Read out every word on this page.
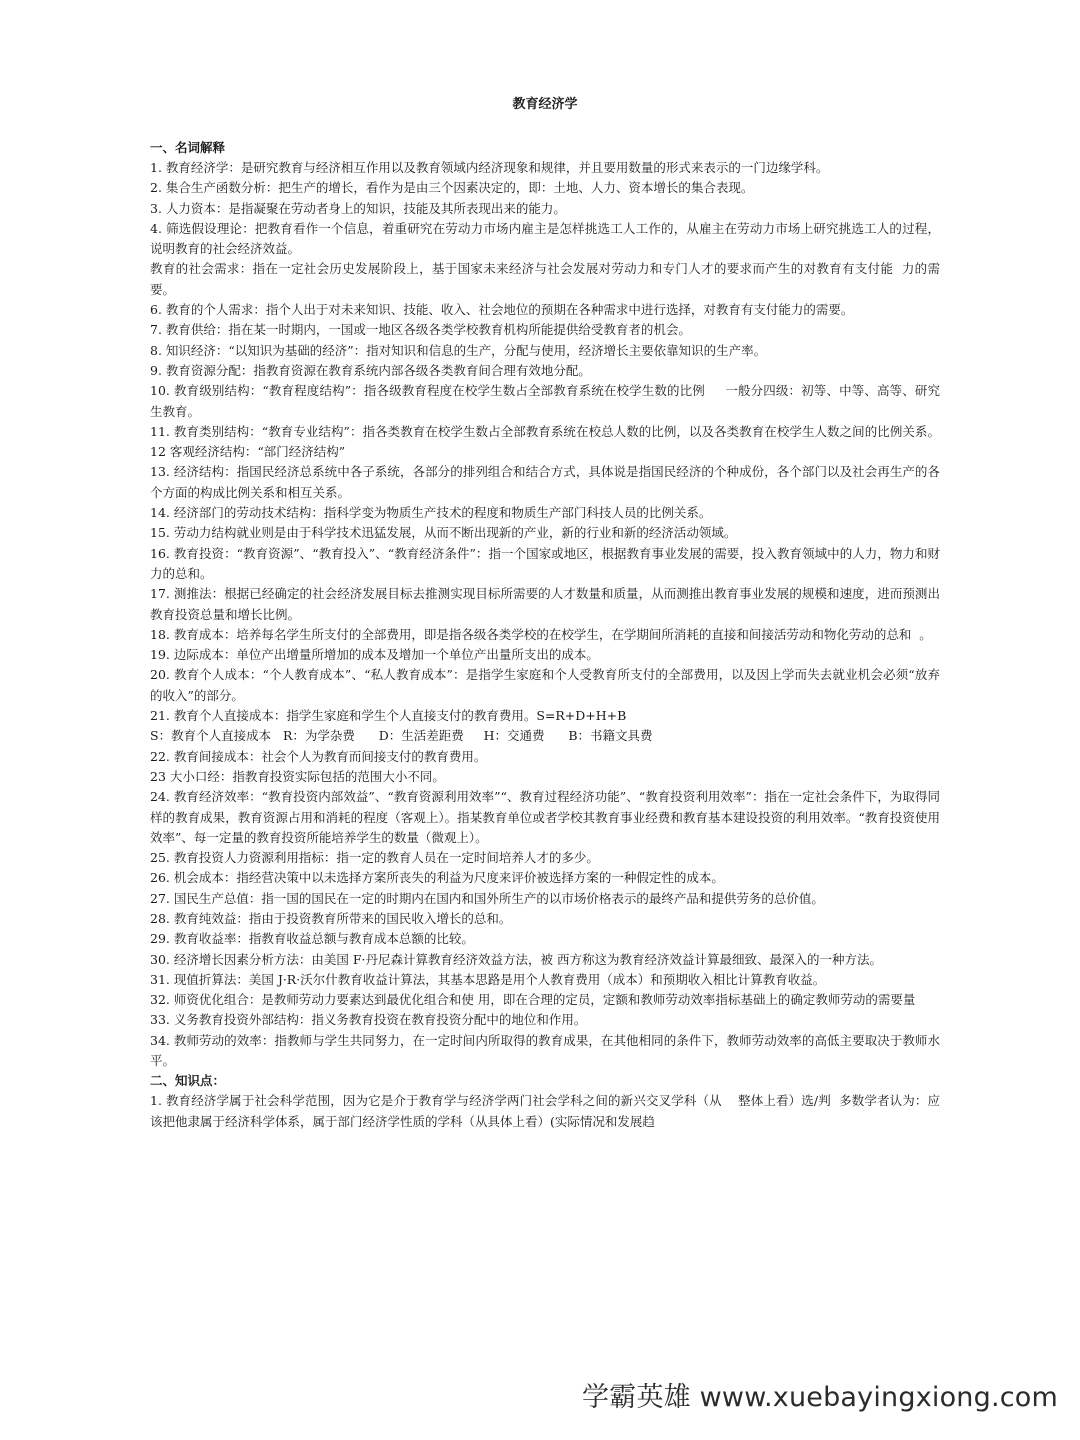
教育经济学
一、名词解释

1. 教育经济学：是研究教育与经济相互作用以及教育领域内经济现象和规律，并且要用数量的形式来表示的一门边缘学科。

2. 集合生产函数分析：把生产的增长，看作为是由三个因素决定的，即：土地、人力、资本增长的集合表现。

3. 人力资本：是指凝聚在劳动者身上的知识，技能及其所表现出来的能力。

4. 筛选假设理论：把教育看作一个信息，着重研究在劳动力市场内雇主是怎样挑选工人工作的，从雇主在劳动力市场上研究挑选工人的过程，说明教育的社会经济效益。

教育的社会需求：指在一定社会历史发展阶段上，基于国家未来经济与社会发展对劳动力和专门人才的要求而产生的对教育有支付能  力的需要。

6. 教育的个人需求：指个人出于对未来知识、技能、收入、社会地位的预期在各种需求中进行选择，对教育有支付能力的需要。

7. 教育供给：指在某一时期内，一国或一地区各级各类学校教育机构所能提供给受教育者的机会。

8. 知识经济：“以知识为基础的经济”：指对知识和信息的生产，分配与使用，经济增长主要依靠知识的生产率。

9. 教育资源分配：指教育资源在教育系统内部各级各类教育间合理有效地分配。

10. 教育级别结构：“教育程度结构”：指各级教育程度在校学生数占全部教育系统在校学生数的比例     一般分四级：初等、中等、高等、研究生教育。

11. 教育类别结构：“教育专业结构”：指各类教育在校学生数占全部教育系统在校总人数的比例，以及各类教育在校学生人数之间的比例关系。                                  12 客观经济结构：“部门经济结构”

13. 经济结构：指国民经济总系统中各子系统，各部分的排列组合和结合方式，具体说是指国民经济的个种成份，各个部门以及社会再生产的各个方面的构成比例关系和相互关系。

14. 经济部门的劳动技术结构：指科学变为物质生产技术的程度和物质生产部门科技人员的比例关系。

15. 劳动力结构就业则是由于科学技术迅猛发展，从而不断出现新的产业，新的行业和新的经济活动领域。

16. 教育投资：“教育资源”、“教育投入”、“教育经济条件”：指一个国家或地区，根据教育事业发展的需要，投入教育领域中的人力，物力和财力的总和。

17. 测推法：根据已经确定的社会经济发展目标去推测实现目标所需要的人才数量和质量，从而测推出教育事业发展的规模和速度，进而预测出教育投资总量和增长比例。

18. 教育成本：培养每名学生所支付的全部费用，即是指各级各类学校的在校学生，在学期间所消耗的直接和间接活劳动和物化劳动的总和  。

19. 边际成本：单位产出增量所增加的成本及增加一个单位产出量所支出的成本。

20. 教育个人成本：“个人教育成本”、“私人教育成本”：是指学生家庭和个人受教育所支付的全部费用，以及因上学而失去就业机会必须“放弃的收入”的部分。

21. 教育个人直接成本：指学生家庭和学生个人直接支付的教育费用。S=R+D+H+B

S：教育个人直接成本   R：为学杂费      D：生活差距费     H：交通费      B：书籍文具费

22. 教育间接成本：社会个人为教育而间接支付的教育费用。

23 大小口经：指教育投资实际包括的范围大小不同。

24. 教育经济效率：“教育投资内部效益”、“教育资源利用效率”“、教育过程经济功能”、“教育投资利用效率”：指在一定社会条件下，为取得同样的教育成果，教育资源占用和消耗的程度（客观上）。指某教育单位或者学校其教育事业经费和教育基本建设投资的利用效率。“教育投资使用效率”、每一定量的教育投资所能培养学生的数量（微观上）。

25. 教育投资人力资源利用指标：指一定的教育人员在一定时间培养人才的多少。

26. 机会成本：指经营决策中以未选择方案所丧失的利益为尺度来评价被选择方案的一种假定性的成本。

27. 国民生产总值：指一国的国民在一定的时期内在国内和国外所生产的以市场价格表示的最终产品和提供劳务的总价值。

28. 教育纯效益：指由于投资教育所带来的国民收入增长的总和。

29. 教育收益率：指教育收益总额与教育成本总额的比较。

30. 经济增长因素分析方法：由美国 F·丹尼森计算教育经济效益方法，被 西方称这为教育经济效益计算最细致、最深入的一种方法。

31. 现值折算法：美国 J·R·沃尔什教育收益计算法，其基本思路是用个人教育费用（成本）和预期收入相比计算教育收益。

32. 师资优化组合：是教师劳动力要素达到最优化组合和使 用，即在合理的定员，定额和教师劳动效率指标基础上的确定教师劳动的需要量

33. 义务教育投资外部结构：指义务教育投资在教育投资分配中的地位和作用。

34. 教师劳动的效率：指教师与学生共同努力，在一定时间内所取得的教育成果，在其他相同的条件下，教师劳动效率的高低主要取决于教师水平。

二、知识点：

1. 教育经济学属于社会科学范围，因为它是介于教育学与经济学两门社会学科之间的新兴交叉学科（从    整体上看）选/判  多数学者认为：应该把他隶属于经济科学体系，属于部门经济学性质的学科（从具体上看）(实际情况和发展趋

学霸英雄 www.xuebayingxiong.com
